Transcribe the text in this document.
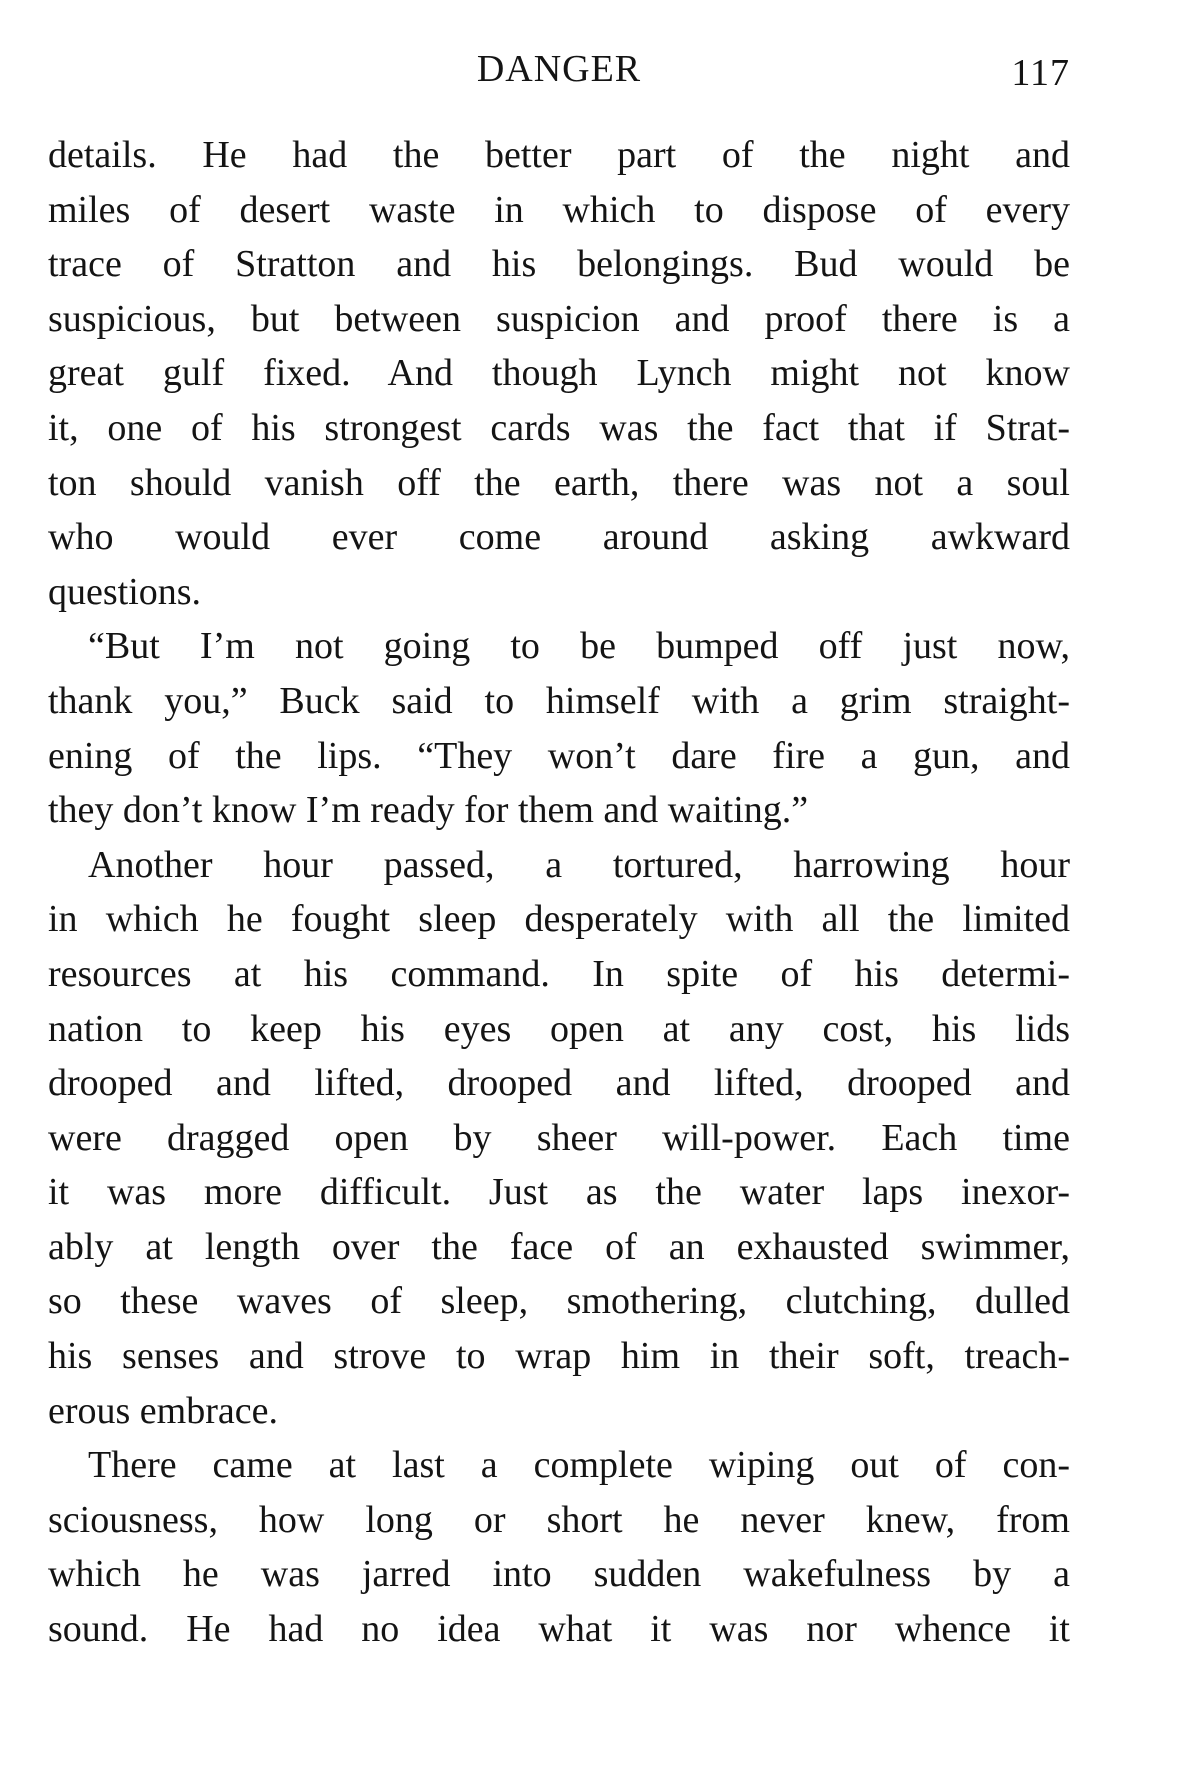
DANGER	117
details. He had the better part of the night and
miles of desert waste in which to dispose of every
trace of Stratton and his belongings. Bud would be
suspicious, but between suspicion and proof there is a
great gulf fixed. And though Lynch might not know
it, one of his strongest cards was the fact that if Strat-
ton should vanish off the earth, there was not a soul
who would ever come around asking awkward
questions.
“But I’m not going to be bumped off just now,
thank you,” Buck said to himself with a grim straight-
ening of the lips. “They won’t dare fire a gun, and
they don’t know I’m ready for them and waiting.”
Another hour passed, a tortured, harrowing hour
in which he fought sleep desperately with all the limited
resources at his command. In spite of his determi-
nation to keep his eyes open at any cost, his lids
drooped and lifted, drooped and lifted, drooped and
were dragged open by sheer will-power. Each time
it was more difficult. Just as the water laps inexor-
ably at length over the face of an exhausted swimmer,
so these waves of sleep, smothering, clutching, dulled
his senses and strove to wrap him in their soft, treach-
erous embrace.
There came at last a complete wiping out of con-
sciousness, how long or short he never knew, from
which he was jarred into sudden wakefulness by a
sound. He had no idea what it was nor whence it
